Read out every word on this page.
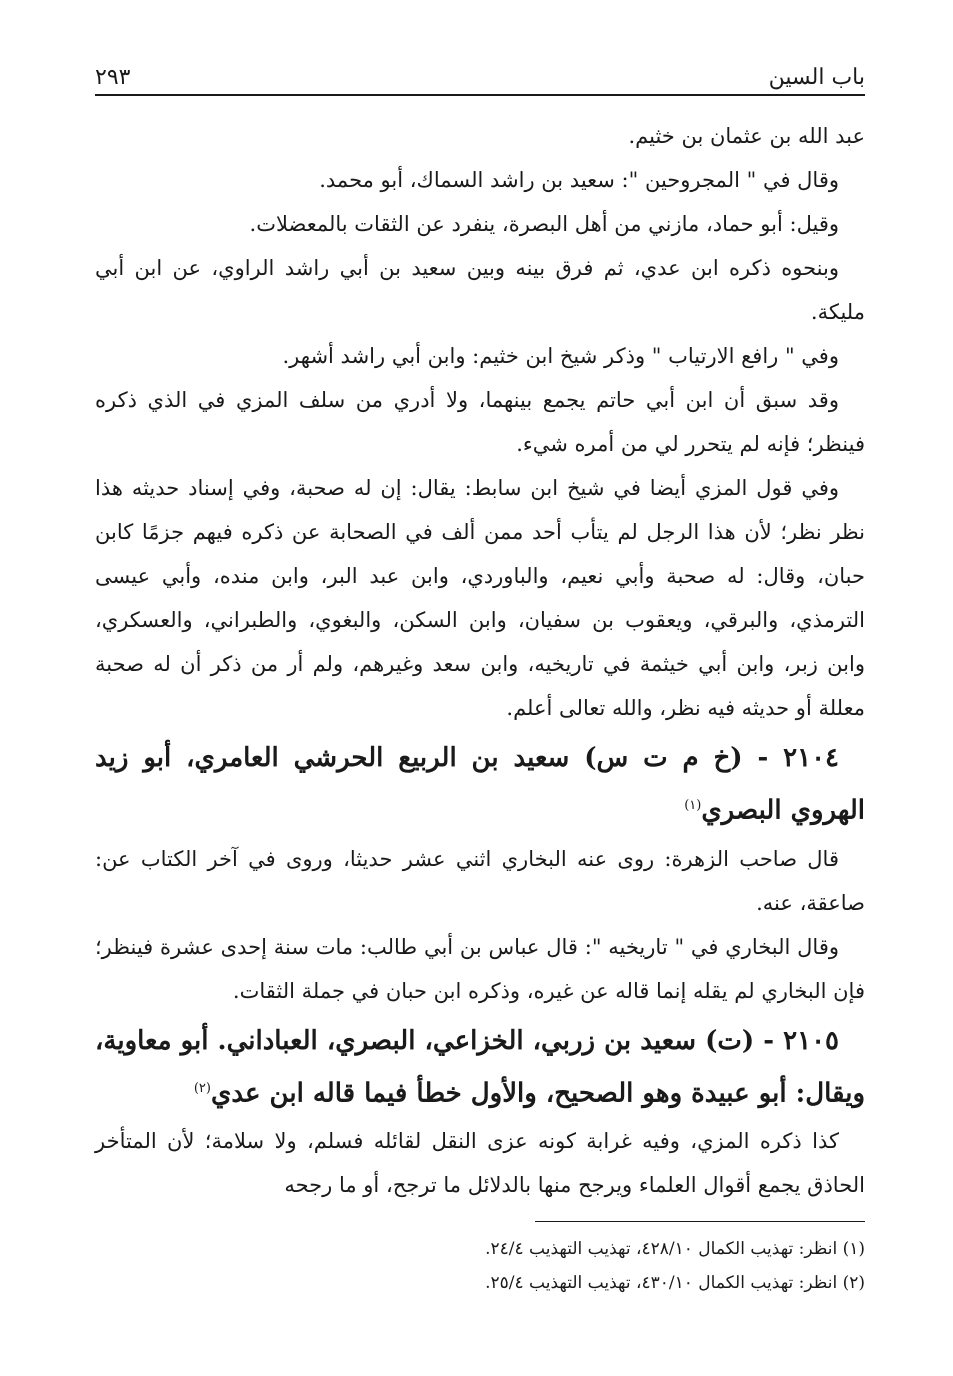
باب السين
٢٩٣

عبد الله بن عثمان بن خثيم.

وقال في " المجروحين ": سعيد بن راشد السماك، أبو محمد.

وقيل: أبو حماد، مازني من أهل البصرة، ينفرد عن الثقات بالمعضلات.

وبنحوه ذكره ابن عدي، ثم فرق بينه وبين سعيد بن أبي راشد الراوي، عن ابن أبي مليكة.

وفي " رافع الارتياب " وذكر شيخ ابن خثيم: وابن أبي راشد أشهر.

وقد سبق أن ابن أبي حاتم يجمع بينهما، ولا أدري من سلف المزي في الذي ذكره فينظر؛ فإنه لم يتحرر لي من أمره شيء.

وفي قول المزي أيضا في شيخ ابن سابط: يقال: إن له صحبة، وفي إسناد حديثه هذا نظر نظر؛ لأن هذا الرجل لم يتأب أحد ممن ألف في الصحابة عن ذكره فيهم جزمًا كابن حبان، وقال: له صحبة وأبي نعيم، والباوردي، وابن عبد البر، وابن منده، وأبي عيسى الترمذي، والبرقي، ويعقوب بن سفيان، وابن السكن، والبغوي، والطبراني، والعسكري، وابن زبر، وابن أبي خيثمة في تاريخيه، وابن سعد وغيرهم، ولم أر من ذكر أن له صحبة معللة أو حديثه فيه نظر، والله تعالى أعلم.

٢١٠٤ - (خ م ت س) سعيد بن الربيع الحرشي العامري، أبو زيد الهروي البصري$^{(١)}$

قال صاحب الزهرة: روى عنه البخاري اثني عشر حديثا، وروى في آخر الكتاب عن: صاعقة، عنه.

وقال البخاري في " تاريخيه ": قال عباس بن أبي طالب: مات سنة إحدى عشرة فينظر؛ فإن البخاري لم يقله إنما قاله عن غيره، وذكره ابن حبان في جملة الثقات.

٢١٠٥ - (ت) سعيد بن زربي، الخزاعي، البصري، العباداني. أبو معاوية، ويقال: أبو عبيدة وهو الصحيح، والأول خطأ فيما قاله ابن عدي$^{(٢)}$

كذا ذكره المزي، وفيه غرابة كونه عزى النقل لقائله فسلم، ولا سلامة؛ لأن المتأخر الحاذق يجمع أقوال العلماء ويرجح منها بالدلائل ما ترجح، أو ما رجحه

(١) انظر: تهذيب الكمال ٤٢٨/١٠، تهذيب التهذيب ٢٤/٤.

(٢) انظر: تهذيب الكمال ٤٣٠/١٠، تهذيب التهذيب ٢٥/٤.
